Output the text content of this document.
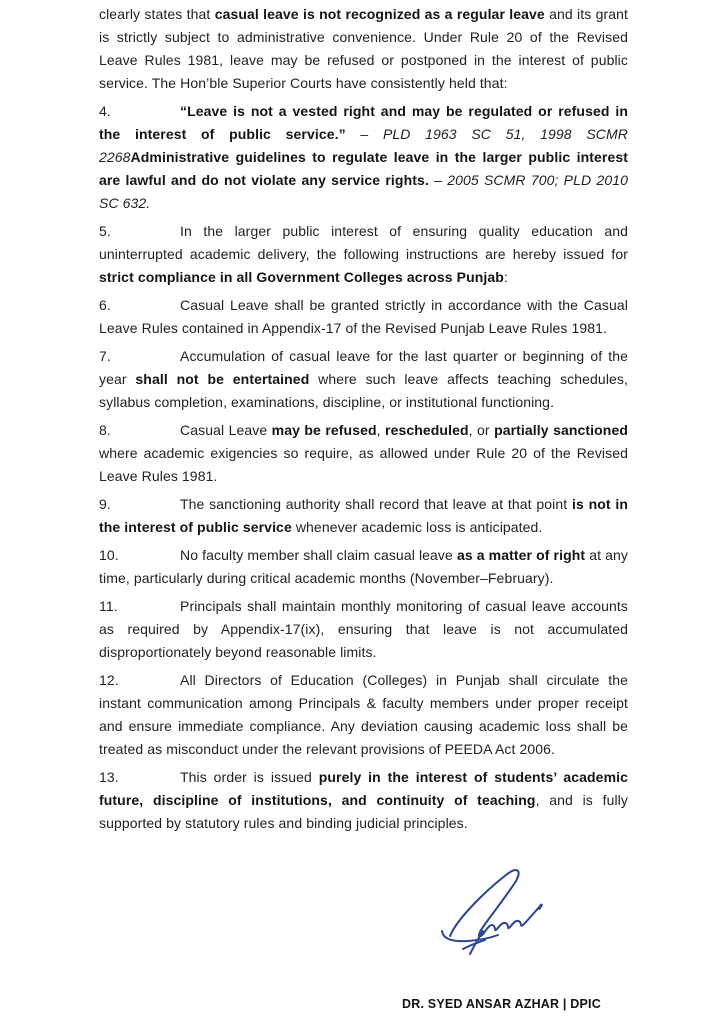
clearly states that casual leave is not recognized as a regular leave and its grant is strictly subject to administrative convenience. Under Rule 20 of the Revised Leave Rules 1981, leave may be refused or postponed in the interest of public service. The Hon’ble Superior Courts have consistently held that:

4.	“Leave is not a vested right and may be regulated or refused in the interest of public service.” – PLD 1963 SC 51, 1998 SCMR 2268Administrative guidelines to regulate leave in the larger public interest are lawful and do not violate any service rights. – 2005 SCMR 700; PLD 2010 SC 632.

5.	In the larger public interest of ensuring quality education and uninterrupted academic delivery, the following instructions are hereby issued for strict compliance in all Government Colleges across Punjab:

6.	Casual Leave shall be granted strictly in accordance with the Casual Leave Rules contained in Appendix-17 of the Revised Punjab Leave Rules 1981.

7.	Accumulation of casual leave for the last quarter or beginning of the year shall not be entertained where such leave affects teaching schedules, syllabus completion, examinations, discipline, or institutional functioning.

8.	Casual Leave may be refused, rescheduled, or partially sanctioned where academic exigencies so require, as allowed under Rule 20 of the Revised Leave Rules 1981.

9.	The sanctioning authority shall record that leave at that point is not in the interest of public service whenever academic loss is anticipated.

10.	No faculty member shall claim casual leave as a matter of right at any time, particularly during critical academic months (November–February).

11.	Principals shall maintain monthly monitoring of casual leave accounts as required by Appendix-17(ix), ensuring that leave is not accumulated disproportionately beyond reasonable limits.

12.	All Directors of Education (Colleges) in Punjab shall circulate the instant communication among Principals & faculty members under proper receipt and ensure immediate compliance. Any deviation causing academic loss shall be treated as misconduct under the relevant provisions of PEEDA Act 2006.

13.	This order is issued purely in the interest of students’ academic future, discipline of institutions, and continuity of teaching, and is fully supported by statutory rules and binding judicial principles.

DR. SYED ANSAR AZHAR | DPIC
